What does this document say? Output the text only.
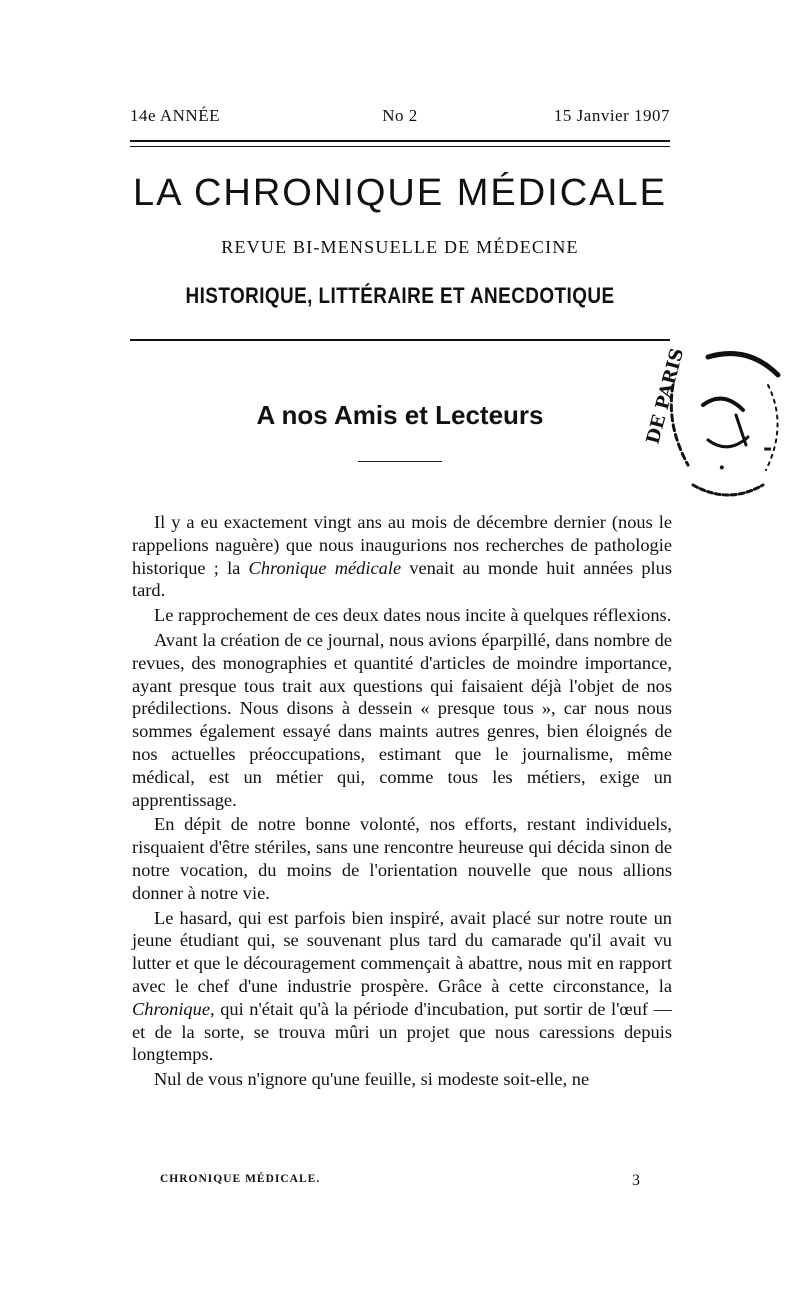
14e ANNÉE	No 2	15 Janvier 1907
LA CHRONIQUE MÉDICALE
REVUE BI-MENSUELLE DE MÉDECINE
HISTORIQUE, LITTÉRAIRE ET ANECDOTIQUE
DE PARIS
-
·
A nos Amis et Lecteurs

Il y a eu exactement vingt ans au mois de décembre dernier (nous le rappelions naguère) que nous inaugurions nos recherches de pathologie historique ; la Chronique médicale venait au monde huit années plus tard.

Le rapprochement de ces deux dates nous incite à quelques réflexions.

Avant la création de ce journal, nous avions éparpillé, dans nombre de revues, des monographies et quantité d'articles de moindre importance, ayant presque tous trait aux questions qui faisaient déjà l'objet de nos prédilections. Nous disons à dessein « presque tous », car nous nous sommes également essayé dans maints autres genres, bien éloignés de nos actuelles préoccupations, estimant que le journalisme, même médical, est un métier qui, comme tous les métiers, exige un apprentissage.

En dépit de notre bonne volonté, nos efforts, restant individuels, risquaient d'être stériles, sans une rencontre heureuse qui décida sinon de notre vocation, du moins de l'orientation nouvelle que nous allions donner à notre vie.

Le hasard, qui est parfois bien inspiré, avait placé sur notre route un jeune étudiant qui, se souvenant plus tard du camarade qu'il avait vu lutter et que le découragement commençait à abattre, nous mit en rapport avec le chef d'une industrie prospère. Grâce à cette circonstance, la Chronique, qui n'était qu'à la période d'incubation, put sortir de l'œuf — et de la sorte, se trouva mûri un projet que nous caressions depuis longtemps.

Nul de vous n'ignore qu'une feuille, si modeste soit-elle, ne

CHRONIQUE MÉDICALE.	3
